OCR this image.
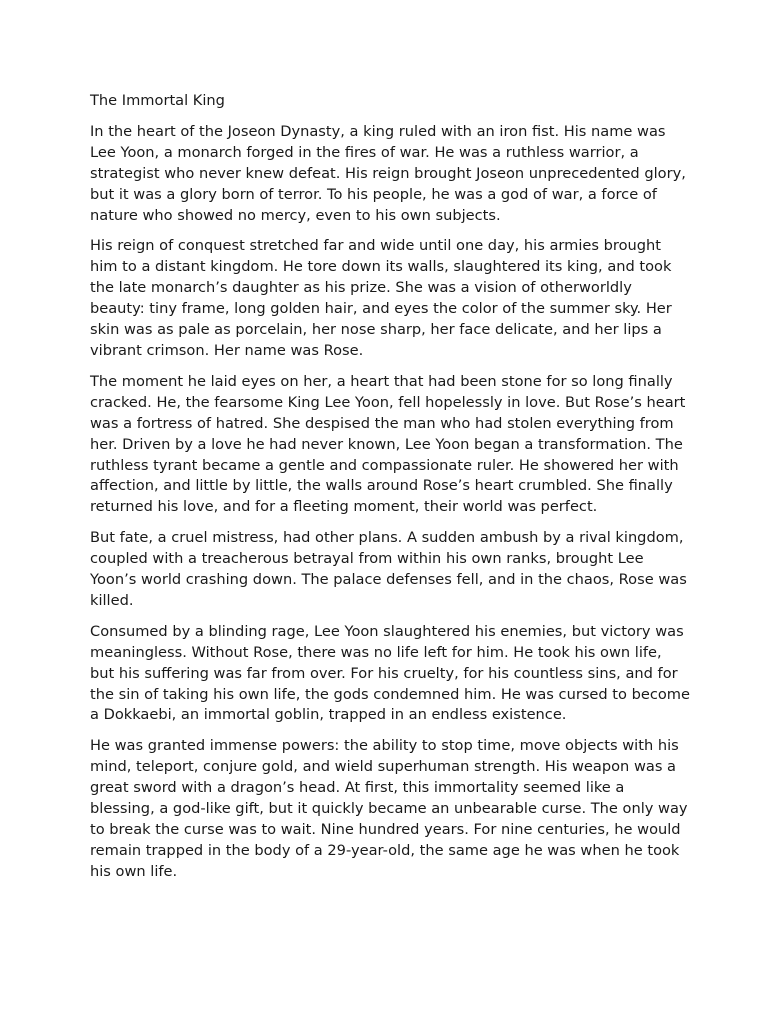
The Immortal King

In the heart of the Joseon Dynasty, a king ruled with an iron fist. His name was Lee Yoon, a monarch forged in the fires of war. He was a ruthless warrior, a strategist who never knew defeat. His reign brought Joseon unprecedented glory, but it was a glory born of terror. To his people, he was a god of war, a force of nature who showed no mercy, even to his own subjects.

His reign of conquest stretched far and wide until one day, his armies brought him to a distant kingdom. He tore down its walls, slaughtered its king, and took the late monarch’s daughter as his prize. She was a vision of otherworldly beauty: tiny frame, long golden hair, and eyes the color of the summer sky. Her skin was as pale as porcelain, her nose sharp, her face delicate, and her lips a vibrant crimson. Her name was Rose.

The moment he laid eyes on her, a heart that had been stone for so long finally cracked. He, the fearsome King Lee Yoon, fell hopelessly in love. But Rose’s heart was a fortress of hatred. She despised the man who had stolen everything from her. Driven by a love he had never known, Lee Yoon began a transformation. The ruthless tyrant became a gentle and compassionate ruler. He showered her with affection, and little by little, the walls around Rose’s heart crumbled. She finally returned his love, and for a fleeting moment, their world was perfect.

But fate, a cruel mistress, had other plans. A sudden ambush by a rival kingdom, coupled with a treacherous betrayal from within his own ranks, brought Lee Yoon’s world crashing down. The palace defenses fell, and in the chaos, Rose was killed.

Consumed by a blinding rage, Lee Yoon slaughtered his enemies, but victory was meaningless. Without Rose, there was no life left for him. He took his own life, but his suffering was far from over. For his cruelty, for his countless sins, and for the sin of taking his own life, the gods condemned him. He was cursed to become a Dokkaebi, an immortal goblin, trapped in an endless existence.

He was granted immense powers: the ability to stop time, move objects with his mind, teleport, conjure gold, and wield superhuman strength. His weapon was a great sword with a dragon’s head. At first, this immortality seemed like a blessing, a god-like gift, but it quickly became an unbearable curse. The only way to break the curse was to wait. Nine hundred years. For nine centuries, he would remain trapped in the body of a 29-year-old, the same age he was when he took his own life.
